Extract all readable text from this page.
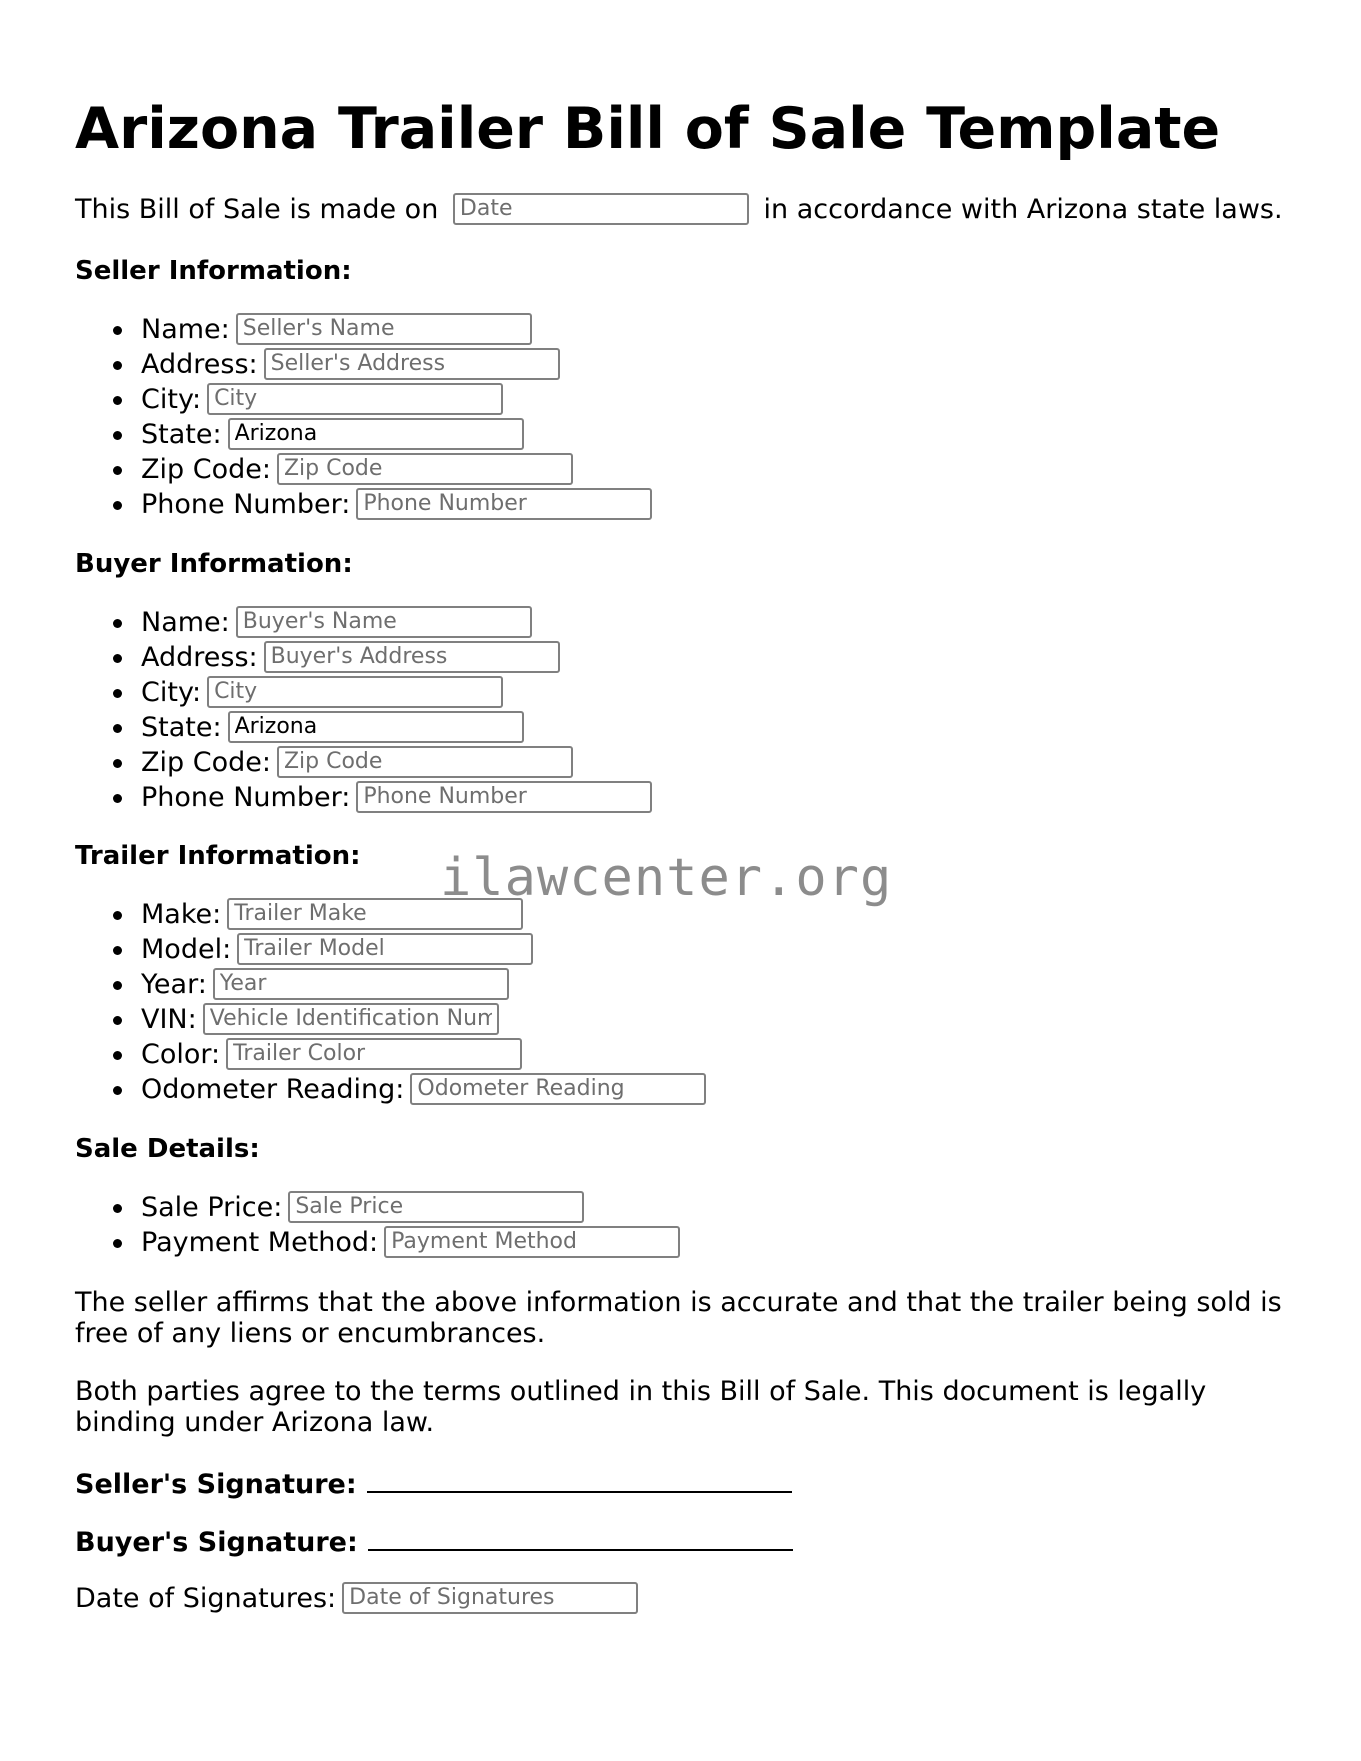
Arizona Trailer Bill of Sale Template
This Bill of Sale is made on Date	in accordance with Arizona state laws.
Seller Information:
Name:Seller's Name
Address:Seller's Address
City:City
State:Arizona
Zip Code:Zip Code
Phone Number:Phone Number
Buyer Information:
Name:Buyer's Name
Address:Buyer's Address
City:City
State:Arizona
Zip Code:Zip Code
Phone Number:Phone Number
Trailer Information:
Make:Trailer Make
Model:Trailer Model
Year:Year
VIN:Vehicle Identification Num
Color:Trailer Color
Odometer Reading:Odometer Reading
ilawcenter.org
Sale Details:
Sale Price:Sale Price
Payment Method:Payment Method
The seller affirms that the above information is accurate and that the trailer being sold is free of any liens or encumbrances.
Both parties agree to the terms outlined in this Bill of Sale. This document is legally binding under Arizona law.
Seller's Signature:
Buyer's Signature:
Date of Signatures:Date of Signatures
